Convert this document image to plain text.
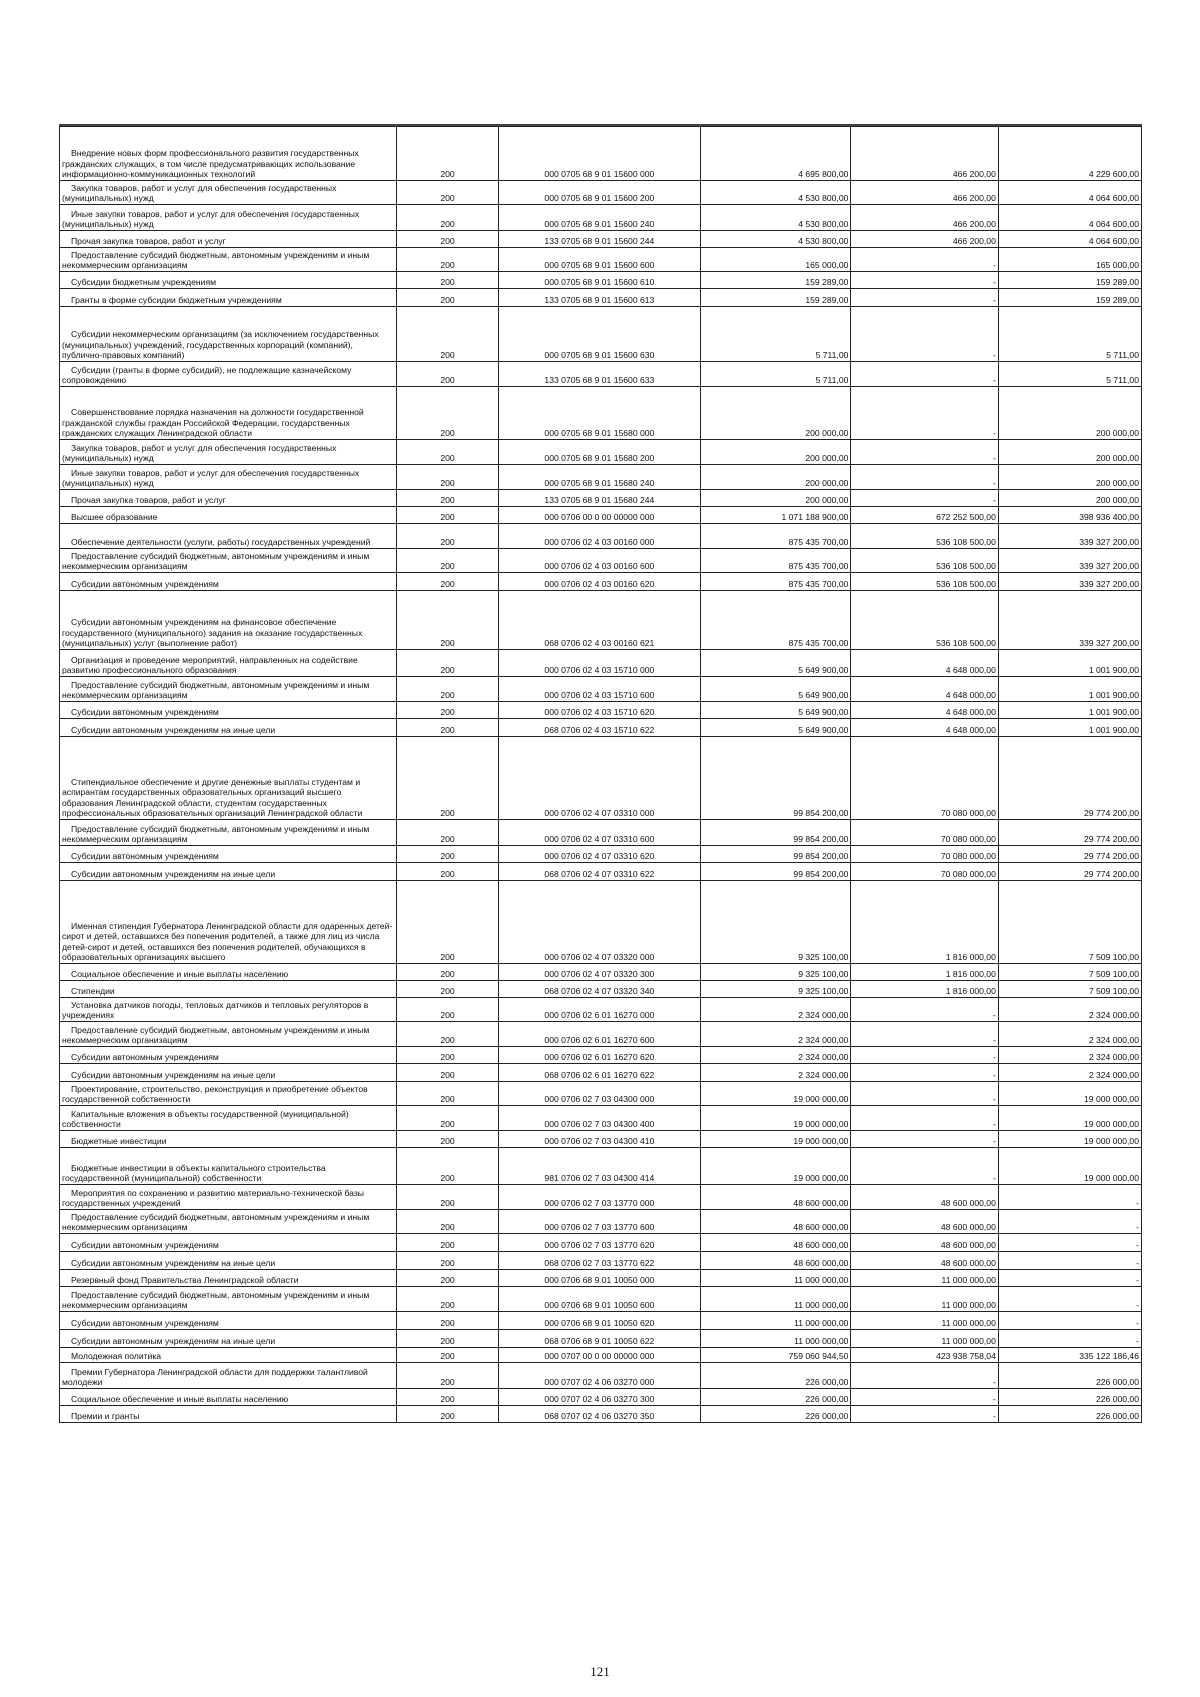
Внедрение новых форм профессионального развития государственных гражданских служащих, в том числе предусматривающих использование информационно-коммуникационных технологий	200	000 0705 68 9 01 15600 000	4 695 800,00	466 200,00	4 229 600,00

Закупка товаров, работ и услуг для обеспечения государственных (муниципальных) нужд	200	000 0705 68 9 01 15600 200	4 530 800,00	466 200,00	4 064 600,00

Иные закупки товаров, работ и услуг для обеспечения государственных (муниципальных) нужд	200	000 0705 68 9 01 15600 240	4 530 800,00	466 200,00	4 064 600,00

Прочая закупка товаров, работ и услуг	200	133 0705 68 9 01 15600 244	4 530 800,00	466 200,00	4 064 600,00

Предоставление субсидий бюджетным, автономным учреждениям и иным некоммерческим организациям	200	000 0705 68 9 01 15600 600	165 000,00	-	165 000,00

Субсидии бюджетным учреждениям	200	000 0705 68 9 01 15600 610	159 289,00	-	159 289,00

Гранты в форме субсидии бюджетным учреждениям	200	133 0705 68 9 01 15600 613	159 289,00	-	159 289,00

Субсидии некоммерческим организациям (за исключением государственных (муниципальных) учреждений, государственных корпораций (компаний), публично-правовых компаний)	200	000 0705 68 9 01 15600 630	5 711,00	-	5 711,00

Субсидии (гранты в форме субсидий), не подлежащие казначейскому сопровождению	200	133 0705 68 9 01 15600 633	5 711,00	-	5 711,00

Совершенствование порядка назначения на должности государственной гражданской службы граждан Российской Федерации, государственных гражданских служащих Ленинградской области	200	000 0705 68 9 01 15680 000	200 000,00	-	200 000,00

Закупка товаров, работ и услуг для обеспечения государственных (муниципальных) нужд	200	000 0705 68 9 01 15680 200	200 000,00	-	200 000,00

Иные закупки товаров, работ и услуг для обеспечения государственных (муниципальных) нужд	200	000 0705 68 9 01 15680 240	200 000,00	-	200 000,00

Прочая закупка товаров, работ и услуг	200	133 0705 68 9 01 15680 244	200 000,00	-	200 000,00

Высшее образование	200	000 0706 00 0 00 00000 000	1 071 188 900,00	672 252 500,00	398 936 400,00

Обеспечение деятельности (услуги, работы) государственных учреждений	200	000 0706 02 4 03 00160 000	875 435 700,00	536 108 500,00	339 327 200,00

Предоставление субсидий бюджетным, автономным учреждениям и иным некоммерческим организациям	200	000 0706 02 4 03 00160 600	875 435 700,00	536 108 500,00	339 327 200,00

Субсидии автономным учреждениям	200	000 0706 02 4 03 00160 620	875 435 700,00	536 108 500,00	339 327 200,00

Субсидии автономным учреждениям на финансовое обеспечение государственного (муниципального) задания на оказание государственных (муниципальных) услуг (выполнение работ)	200	068 0706 02 4 03 00160 621	875 435 700,00	536 108 500,00	339 327 200,00

Организация и проведение мероприятий, направленных на содействие развитию профессионального образования	200	000 0706 02 4 03 15710 000	5 649 900,00	4 648 000,00	1 001 900,00

Предоставление субсидий бюджетным, автономным учреждениям и иным некоммерческим организациям	200	000 0706 02 4 03 15710 600	5 649 900,00	4 648 000,00	1 001 900,00

Субсидии автономным учреждениям	200	000 0706 02 4 03 15710 620	5 649 900,00	4 648 000,00	1 001 900,00

Субсидии автономным учреждениям на иные цели	200	068 0706 02 4 03 15710 622	5 649 900,00	4 648 000,00	1 001 900,00

Стипендиальное обеспечение и другие денежные выплаты студентам и аспирантам государственных образовательных организаций высшего образования Ленинградской области, студентам государственных профессиональных образовательных организаций Ленинградской области	200	000 0706 02 4 07 03310 000	99 854 200,00	70 080 000,00	29 774 200,00

Предоставление субсидий бюджетным, автономным учреждениям и иным некоммерческим организациям	200	000 0706 02 4 07 03310 600	99 854 200,00	70 080 000,00	29 774 200,00

Субсидии автономным учреждениям	200	000 0706 02 4 07 03310 620	99 854 200,00	70 080 000,00	29 774 200,00

Субсидии автономным учреждениям на иные цели	200	068 0706 02 4 07 03310 622	99 854 200,00	70 080 000,00	29 774 200,00

Именная стипендия Губернатора Ленинградской области для одаренных детей-сирот и детей, оставшихся без попечения родителей, а также для лиц из числа детей-сирот и детей, оставшихся без попечения родителей, обучающихся в образовательных организациях высшего	200	000 0706 02 4 07 03320 000	9 325 100,00	1 816 000,00	7 509 100,00

Социальное обеспечение и иные выплаты населению	200	000 0706 02 4 07 03320 300	9 325 100,00	1 816 000,00	7 509 100,00

Стипендии	200	068 0706 02 4 07 03320 340	9 325 100,00	1 816 000,00	7 509 100,00

Установка датчиков погоды, тепловых датчиков и тепловых регуляторов в учреждениях	200	000 0706 02 6 01 16270 000	2 324 000,00	-	2 324 000,00

Предоставление субсидий бюджетным, автономным учреждениям и иным некоммерческим организациям	200	000 0706 02 6 01 16270 600	2 324 000,00	-	2 324 000,00

Субсидии автономным учреждениям	200	000 0706 02 6 01 16270 620	2 324 000,00	-	2 324 000,00

Субсидии автономным учреждениям на иные цели	200	068 0706 02 6 01 16270 622	2 324 000,00	-	2 324 000,00

Проектирование, строительство, реконструкция и приобретение объектов государственной собственности	200	000 0706 02 7 03 04300 000	19 000 000,00	-	19 000 000,00

Капитальные вложения в объекты государственной (муниципальной) собственности	200	000 0706 02 7 03 04300 400	19 000 000,00	-	19 000 000,00

Бюджетные инвестиции	200	000 0706 02 7 03 04300 410	19 000 000,00	-	19 000 000,00

Бюджетные инвестиции в объекты капитального строительства государственной (муниципальной) собственности	200	981 0706 02 7 03 04300 414	19 000 000,00	-	19 000 000,00

Мероприятия по сохранению и развитию материально-технической базы государственных учреждений	200	000 0706 02 7 03 13770 000	48 600 000,00	48 600 000,00	-

Предоставление субсидий бюджетным, автономным учреждениям и иным некоммерческим организациям	200	000 0706 02 7 03 13770 600	48 600 000,00	48 600 000,00	-

Субсидии автономным учреждениям	200	000 0706 02 7 03 13770 620	48 600 000,00	48 600 000,00	-

Субсидии автономным учреждениям на иные цели	200	068 0706 02 7 03 13770 622	48 600 000,00	48 600 000,00	-

Резервный фонд Правительства Ленинградской области	200	000 0706 68 9 01 10050 000	11 000 000,00	11 000 000,00	-

Предоставление субсидий бюджетным, автономным учреждениям и иным некоммерческим организациям	200	000 0706 68 9 01 10050 600	11 000 000,00	11 000 000,00	-

Субсидии автономным учреждениям	200	000 0706 68 9 01 10050 620	11 000 000,00	11 000 000,00	-

Субсидии автономным учреждениям на иные цели	200	068 0706 68 9 01 10050 622	11 000 000,00	11 000 000,00	-

Молодежная политика	200	000 0707 00 0 00 00000 000	759 060 944,50	423 938 758,04	335 122 186,46

Премии Губернатора Ленинградской области для поддержки талантливой молодежи	200	000 0707 02 4 06 03270 000	226 000,00	-	226 000,00

Социальное обеспечение и иные выплаты населению	200	000 0707 02 4 06 03270 300	226 000,00	-	226 000,00

Премии и гранты	200	068 0707 02 4 06 03270 350	226 000,00	-	226 000,00
121
